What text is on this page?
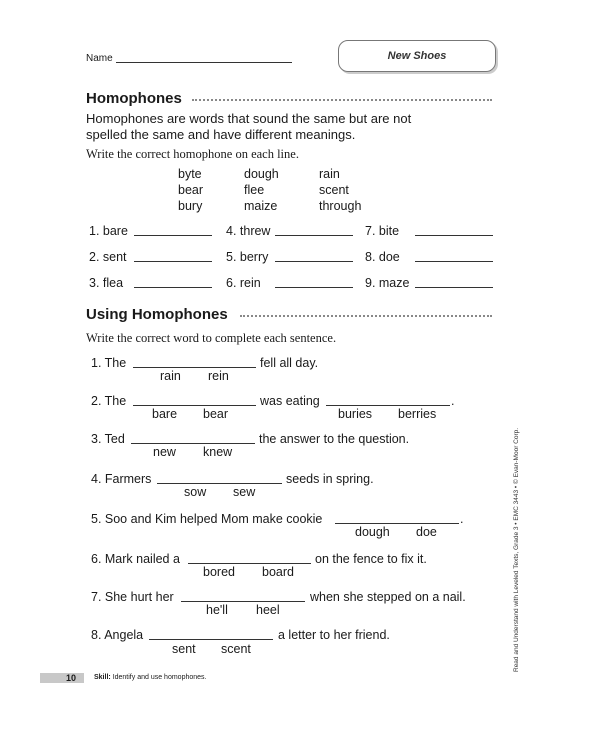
Name	New Shoes
Homophones
Homophones are words that sound the same but are not spelled the same and have different meanings.
Write the correct homophone on each line.
byte	dough	rain
bear	flee	scent
bury	maize	through
1. bare	4. threw	7. bite
2. sent	5. berry	8. doe
3. flea	6. rein	9. maze
Using Homophones
Write the correct word to complete each sentence.
1. The	fell all day.
rain rein
2. The	was eating	.
bare bear	buries berries
3. Ted	the answer to the question.
new knew
4. Farmers	seeds in spring.
sow sew
5. Soo and Kim helped Mom make cookie	.
dough doe
6. Mark nailed a	on the fence to fix it.
bored board
7. She hurt her	when she stepped on a nail.
he'll heel
8. Angela	a letter to her friend.
sent scent
10	Skill: Identify and use homophones.
Read and Understand with Leveled Texts, Grade 3 • EMC 3443 • © Evan-Moor Corp.
